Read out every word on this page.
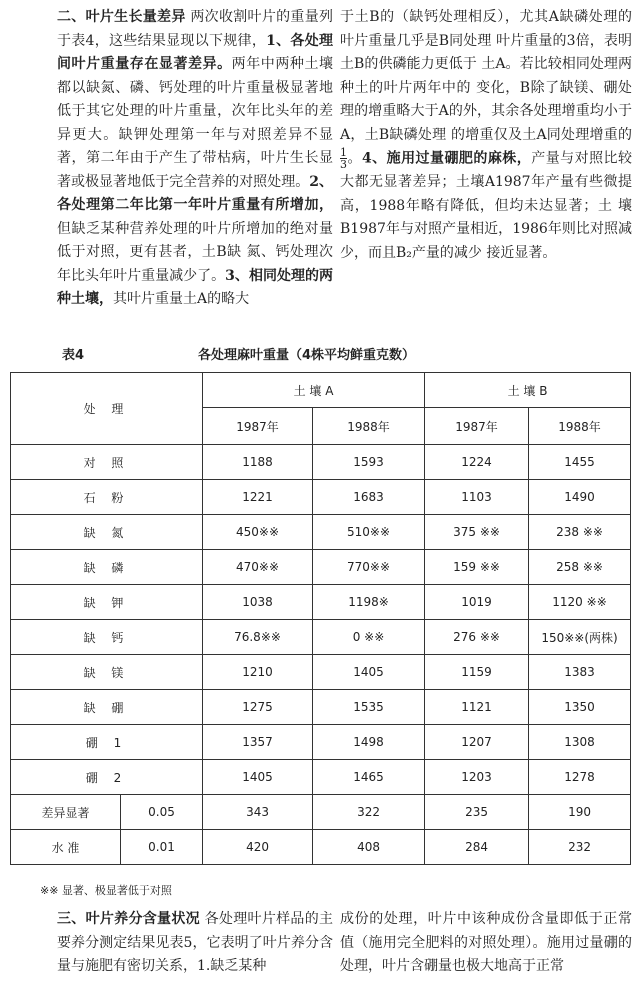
二、叶片生长量差异 两次收割叶片的重量列于表4，这些结果显现以下规律，1、各处理间叶片重量存在显著差异。两年中两种土壤都以缺氮、磷、钙处理的叶片重量极显著地低于其它处理的叶片重量，次年比头年的差异更大。缺钾处理第一年与对照差异不显著，第二年由于产生了带枯病，叶片生长显著或极显著地低于完全营养的对照处理。2、各处理第二年比第一年叶片重量有所增加，但缺乏某种营养处理的叶片所增加的绝对量低于对照，更有甚者，土B缺 氮、钙处理次年比头年叶片重量减少了。3、相同处理的两种土壤，其叶片重量土A的略大

于土B的（缺钙处理相反），尤其A缺磷处理的叶片重量几乎是B同处理 叶片重量的3倍，表明土B的供磷能力更低于 土A。若比较相同处理两种土的叶片两年中的 变化，B除了缺镁、硼处理的增重略大于A的外，其余各处理增重均小于A，土B缺磷处理 的增重仅及土A同处理增重的
$\frac{1}{3}$ 。4、施用过量硼肥的麻株，产量与对照比较大都无显著差异；土壤A1987年产量有些微提高，1988年略有降低，但均未达显著；土 壤B1987年与对照产量相近，1986年则比对照减少，而且B₂产量的减少 接近显著。

表4	各处理麻叶重量（4株平均鲜重克数）
处 理		土 壤 A		土 壤 B	
		1987年	1988年	1987年	1988年
对 照		1188	1593	1224	1455
石 粉		1221	1683	1103	1490
缺 氮		450※※	510※※	375 ※※	238 ※※
缺 磷		470※※	770※※	159 ※※	258 ※※
缺 钾		1038	1198※	1019	1120 ※※
缺 钙		76.8※※	0 ※※	276 ※※	150※※(两株)
缺 镁		1210	1405	1159	1383
缺 硼		1275	1535	1121	1350
硼 1		1357	1498	1207	1308
硼 2		1405	1465	1203	1278
差异显著	0.05	343	322	235	190
水 准	0.01	420	408	284	232
※※ 显著、极显著低于对照

三、叶片养分含量状况 各处理叶片样品的主要养分测定结果见表5，它表明了叶片养分含量与施肥有密切关系，1.缺乏某种

成份的处理，叶片中该种成份含量即低于正常值（施用完全肥料的对照处理）。施用过量硼的处理，叶片含硼量也极大地高于正常
